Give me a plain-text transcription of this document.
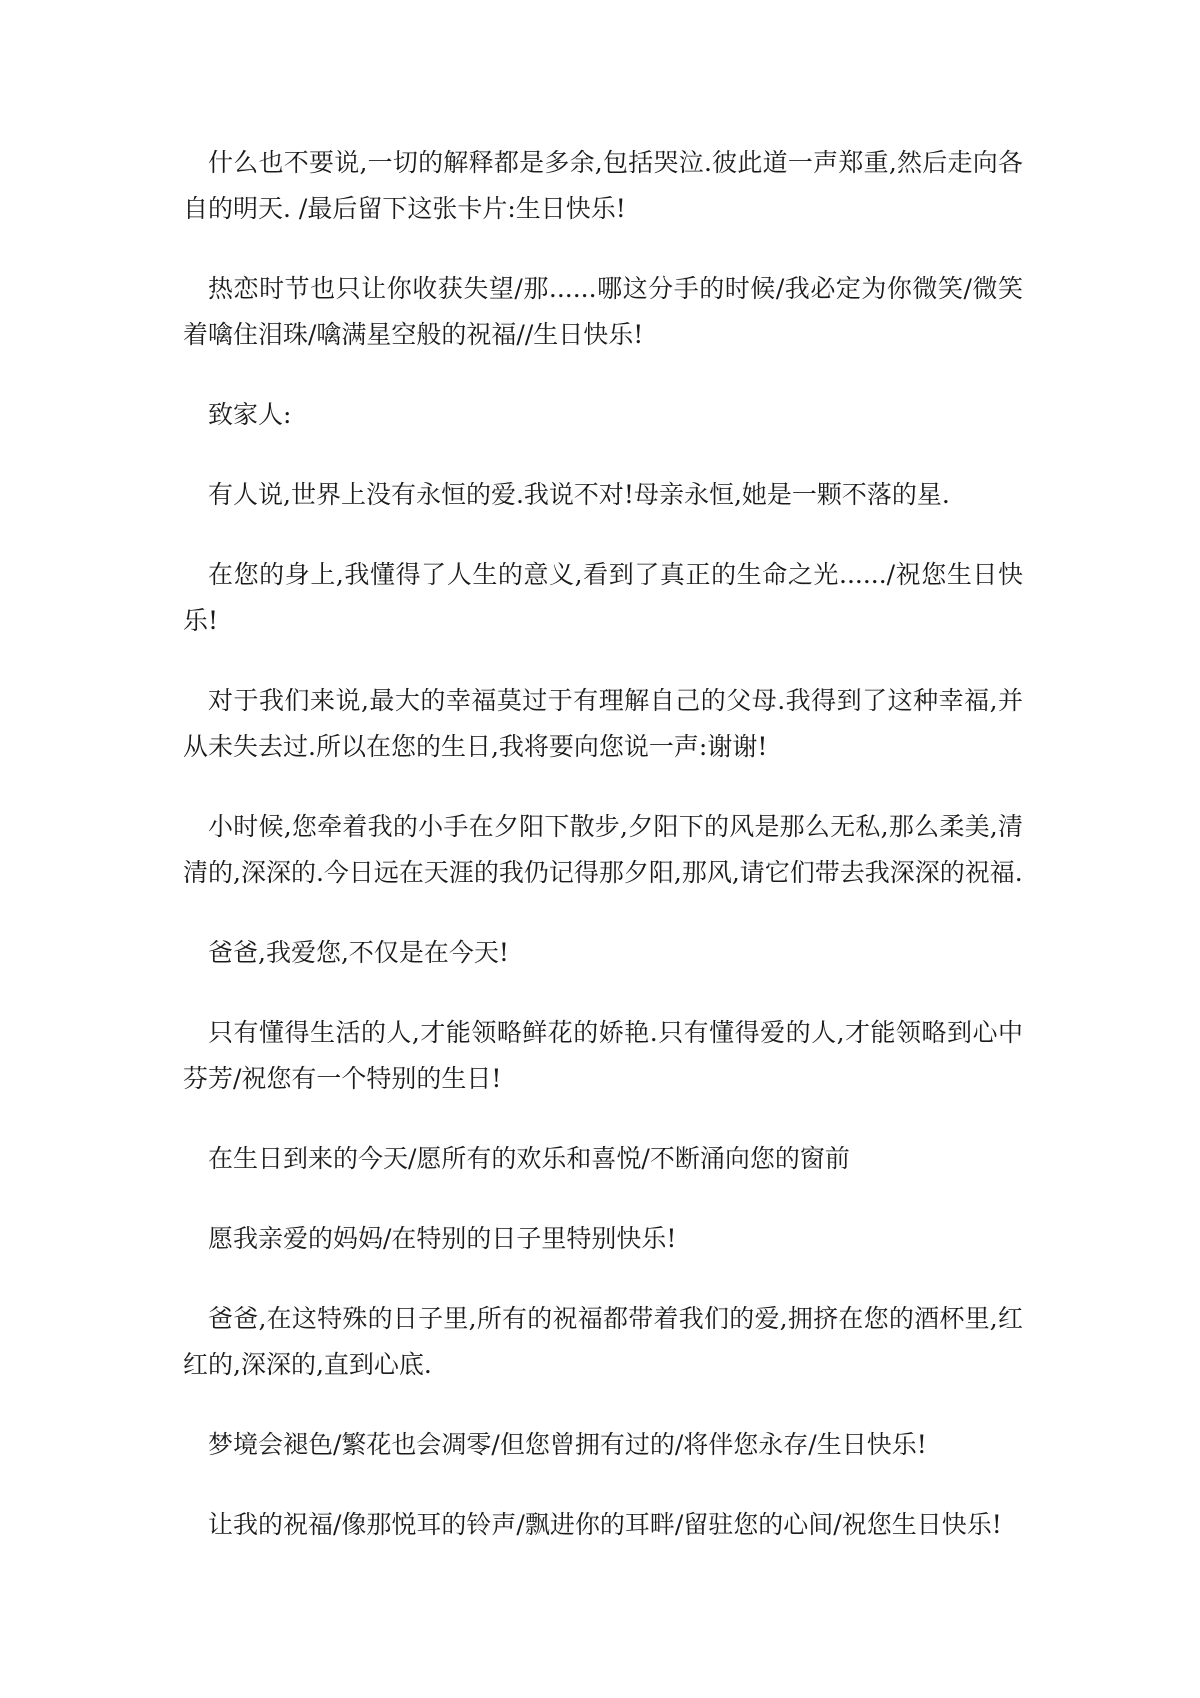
什么也不要说,一切的解释都是多余,包括哭泣.彼此道一声郑重,然后走向各自的明天. /最后留下这张卡片:生日快乐!

热恋时节也只让你收获失望/那......哪这分手的时候/我必定为你微笑/微笑着噙住泪珠/噙满星空般的祝福//生日快乐!

致家人:

有人说,世界上没有永恒的爱.我说不对!母亲永恒,她是一颗不落的星.

在您的身上,我懂得了人生的意义,看到了真正的生命之光....../祝您生日快乐!

对于我们来说,最大的幸福莫过于有理解自己的父母.我得到了这种幸福,并从未失去过.所以在您的生日,我将要向您说一声:谢谢!

小时候,您牵着我的小手在夕阳下散步,夕阳下的风是那么无私,那么柔美,清清的,深深的.今日远在天涯的我仍记得那夕阳,那风,请它们带去我深深的祝福.

爸爸,我爱您,不仅是在今天!

只有懂得生活的人,才能领略鲜花的娇艳.只有懂得爱的人,才能领略到心中芬芳/祝您有一个特别的生日!

在生日到来的今天/愿所有的欢乐和喜悦/不断涌向您的窗前

愿我亲爱的妈妈/在特别的日子里特别快乐!

爸爸,在这特殊的日子里,所有的祝福都带着我们的爱,拥挤在您的酒杯里,红红的,深深的,直到心底.

梦境会褪色/繁花也会凋零/但您曾拥有过的/将伴您永存/生日快乐!

让我的祝福/像那悦耳的铃声/飘进你的耳畔/留驻您的心间/祝您生日快乐!
